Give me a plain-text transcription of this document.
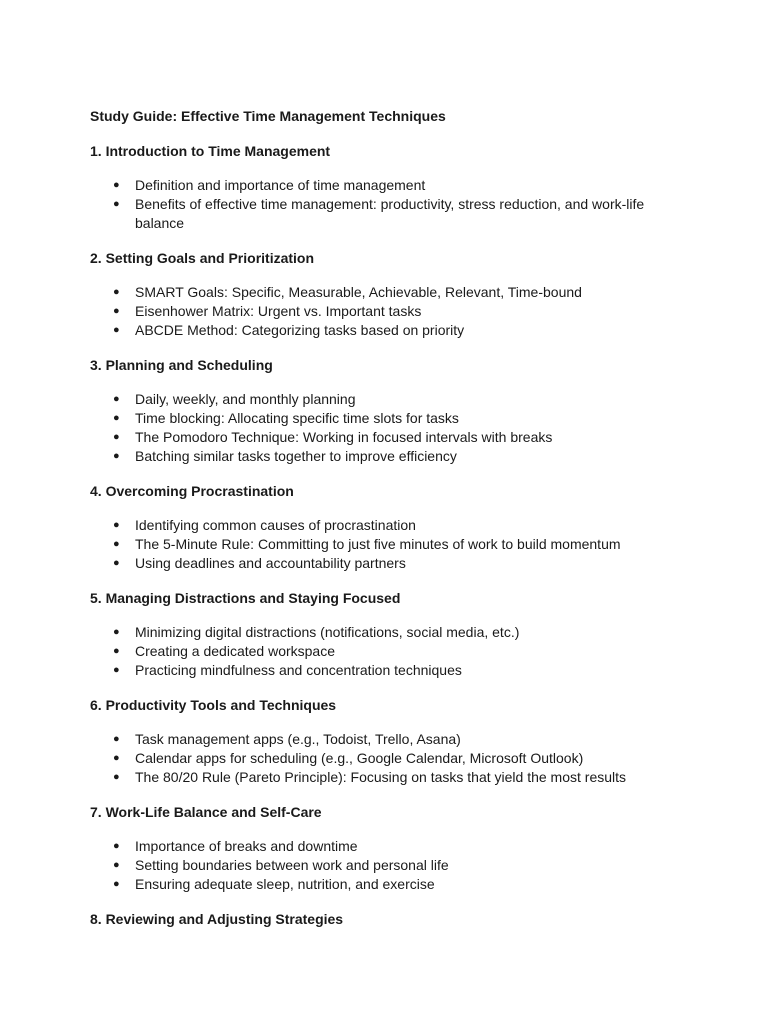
Study Guide: Effective Time Management Techniques
1. Introduction to Time Management
● Definition and importance of time management
● Benefits of effective time management: productivity, stress reduction, and work-life balance
2. Setting Goals and Prioritization
● SMART Goals: Specific, Measurable, Achievable, Relevant, Time-bound
● Eisenhower Matrix: Urgent vs. Important tasks
● ABCDE Method: Categorizing tasks based on priority
3. Planning and Scheduling
● Daily, weekly, and monthly planning
● Time blocking: Allocating specific time slots for tasks
● The Pomodoro Technique: Working in focused intervals with breaks
● Batching similar tasks together to improve efficiency
4. Overcoming Procrastination
● Identifying common causes of procrastination
● The 5-Minute Rule: Committing to just five minutes of work to build momentum
● Using deadlines and accountability partners
5. Managing Distractions and Staying Focused
● Minimizing digital distractions (notifications, social media, etc.)
● Creating a dedicated workspace
● Practicing mindfulness and concentration techniques
6. Productivity Tools and Techniques
● Task management apps (e.g., Todoist, Trello, Asana)
● Calendar apps for scheduling (e.g., Google Calendar, Microsoft Outlook)
● The 80/20 Rule (Pareto Principle): Focusing on tasks that yield the most results
7. Work-Life Balance and Self-Care
● Importance of breaks and downtime
● Setting boundaries between work and personal life
● Ensuring adequate sleep, nutrition, and exercise
8. Reviewing and Adjusting Strategies
